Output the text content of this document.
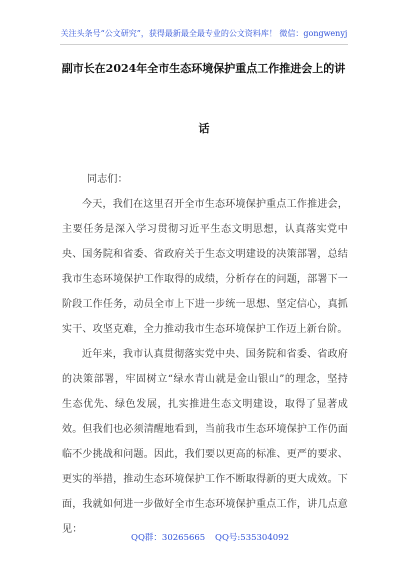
关注头条号“公文研究”，获得最新最全最专业的公文资料库！ 微信：gongwenyj
副市长在2024年全市生态环境保护重点工作推进会上的讲
话

同志们：

今天，我们在这里召开全市生态环境保护重点工作推进会，主要任务是深入学习贯彻习近平生态文明思想，认真落实党中央、国务院和省委、省政府关于生态文明建设的决策部署，总结我市生态环境保护工作取得的成绩，分析存在的问题，部署下一阶段工作任务，动员全市上下进一步统一思想、坚定信心，真抓实干、攻坚克难，全力推动我市生态环境保护工作迈上新台阶。

近年来，我市认真贯彻落实党中央、国务院和省委、省政府的决策部署，牢固树立“绿水青山就是金山银山”的理念，坚持生态优先、绿色发展，扎实推进生态文明建设，取得了显著成效。但我们也必须清醒地看到，当前我市生态环境保护工作仍面临不少挑战和问题。因此，我们要以更高的标准、更严的要求、更实的举措，推动生态环境保护工作不断取得新的更大成效。下面，我就如何进一步做好全市生态环境保护重点工作，讲几点意见：

QQ群：30265665 QQ号:535304092
